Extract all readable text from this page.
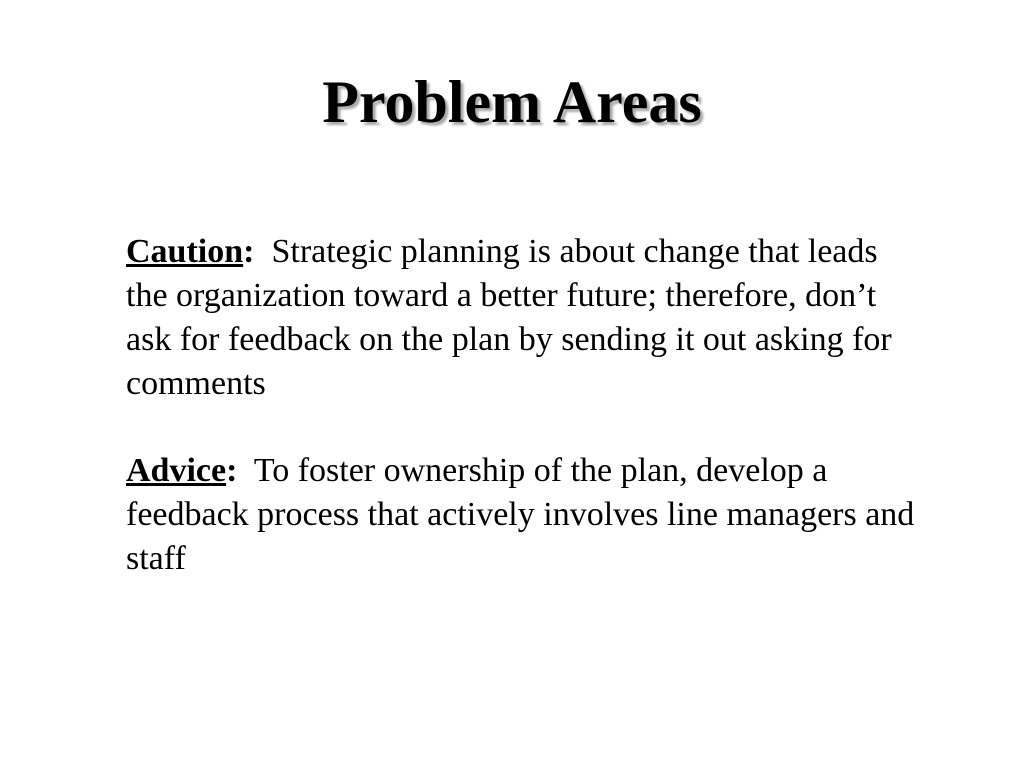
Problem Areas

Caution: Strategic planning is about change that leads the organization toward a better future; therefore, don’t ask for feedback on the plan by sending it out asking for comments

Advice: To foster ownership of the plan, develop a feedback process that actively involves line managers and staff
